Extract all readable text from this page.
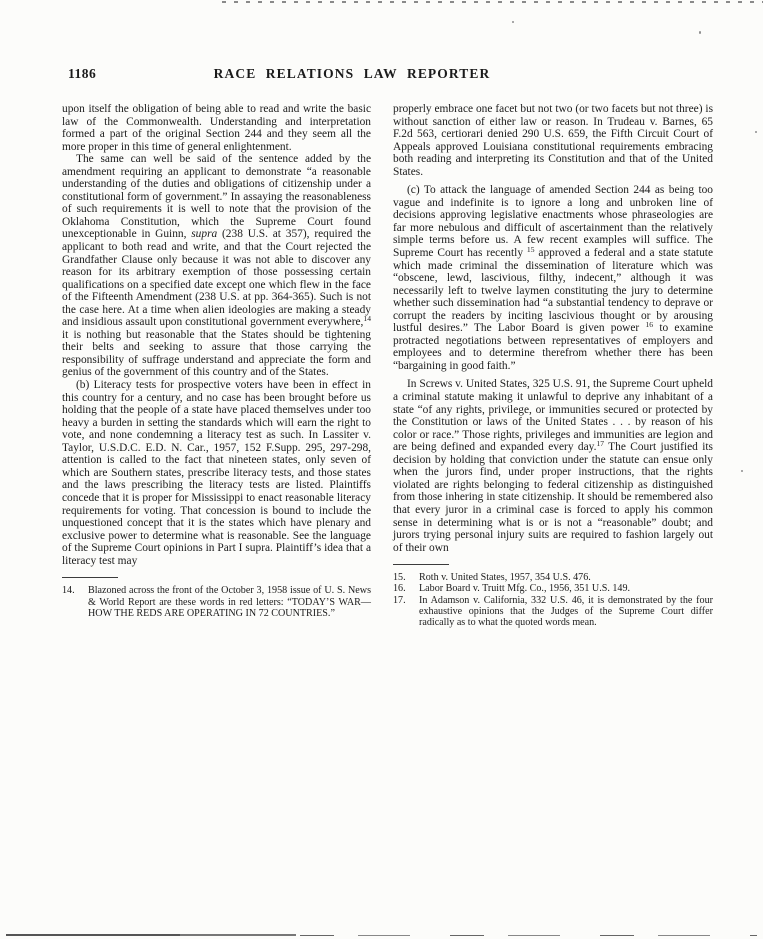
1186	RACE RELATIONS LAW REPORTER

upon itself the obligation of being able to read and write the basic law of the Commonwealth. Understanding and interpretation formed a part of the original Section 244 and they seem all the more proper in this time of general enlightenment.

The same can well be said of the sentence added by the amendment requiring an applicant to demonstrate “a reasonable understanding of the duties and obligations of citizenship under a constitutional form of government.” In assaying the reasonableness of such requirements it is well to note that the provision of the Oklahoma Constitution, which the Supreme Court found unexceptionable in Guinn, supra (238 U.S. at 357), required the applicant to both read and write, and that the Court rejected the Grandfather Clause only because it was not able to discover any reason for its arbitrary exemption of those possessing certain qualifications on a specified date except one which flew in the face of the Fifteenth Amendment (238 U.S. at pp. 364-365). Such is not the case here. At a time when alien ideologies are making a steady and insidious assault upon constitutional government everywhere,$^{14}$ it is nothing but reasonable that the States should be tightening their belts and seeking to assure that those carrying the responsibility of suffrage understand and appreciate the form and genius of the government of this country and of the States.

(b) Literacy tests for prospective voters have been in effect in this country for a century, and no case has been brought before us holding that the people of a state have placed themselves under too heavy a burden in setting the standards which will earn the right to vote, and none condemning a literacy test as such. In Lassiter v. Taylor, U.S.D.C. E.D. N. Car., 1957, 152 F.Supp. 295, 297-298, attention is called to the fact that nineteen states, only seven of which are Southern states, prescribe literacy tests, and those states and the laws prescribing the literacy tests are listed. Plaintiffs concede that it is proper for Mississippi to enact reasonable literacy requirements for voting. That concession is bound to include the unquestioned concept that it is the states which have plenary and exclusive power to determine what is reasonable. See the language of the Supreme Court opinions in Part I supra. Plaintiff’s idea that a literacy test may

14.	Blazoned across the front of the October 3, 1958 issue of U. S. News & World Report are these words in red letters: “TODAY’S WAR—HOW THE REDS ARE OPERATING IN 72 COUNTRIES.”

properly embrace one facet but not two (or two facets but not three) is without sanction of either law or reason. In Trudeau v. Barnes, 65 F.2d 563, certiorari denied 290 U.S. 659, the Fifth Circuit Court of Appeals approved Louisiana constitutional requirements embracing both reading and interpreting its Constitution and that of the United States.

(c) To attack the language of amended Section 244 as being too vague and indefinite is to ignore a long and unbroken line of decisions approving legislative enactments whose phraseologies are far more nebulous and difficult of ascertainment than the relatively simple terms before us. A few recent examples will suffice. The Supreme Court has recently $^{15}$ approved a federal and a state statute which made criminal the dissemination of literature which was “obscene, lewd, lascivious, filthy, indecent,” although it was necessarily left to twelve laymen constituting the jury to determine whether such dissemination had “a substantial tendency to deprave or corrupt the readers by inciting lascivious thought or by arousing lustful desires.” The Labor Board is given power $^{16}$ to examine protracted negotiations between representatives of employers and employees and to determine therefrom whether there has been “bargaining in good faith.”

In Screws v. United States, 325 U.S. 91, the Supreme Court upheld a criminal statute making it unlawful to deprive any inhabitant of a state “of any rights, privilege, or immunities secured or protected by the Constitution or laws of the United States . . . by reason of his color or race.” Those rights, privileges and immunities are legion and are being defined and expanded every day.$^{17}$ The Court justified its decision by holding that conviction under the statute can ensue only when the jurors find, under proper instructions, that the rights violated are rights belonging to federal citizenship as distinguished from those inhering in state citizenship. It should be remembered also that every juror in a criminal case is forced to apply his common sense in determining what is or is not a “reasonable” doubt; and jurors trying personal injury suits are required to fashion largely out of their own

15.	Roth v. United States, 1957, 354 U.S. 476.
16.	Labor Board v. Truitt Mfg. Co., 1956, 351 U.S. 149.
17.	In Adamson v. California, 332 U.S. 46, it is demonstrated by the four exhaustive opinions that the Judges of the Supreme Court differ radically as to what the quoted words mean.
